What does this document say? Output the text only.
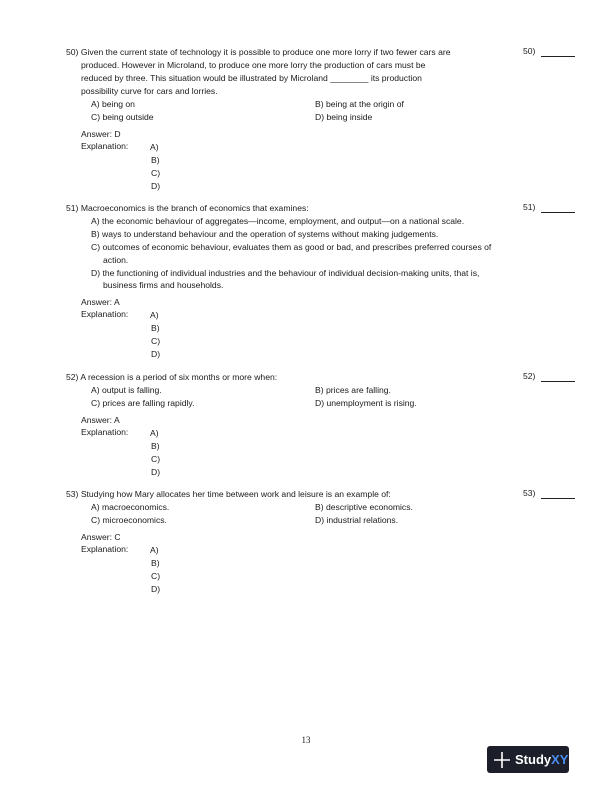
50) Given the current state of technology it is possible to produce one more lorry if two fewer cars are
produced. However in Microland, to produce one more lorry the production of cars must be
reduced by three. This situation would be illustrated by Microland ________ its production
possibility curve for cars and lorries.
50)
A) being on	B) being at the origin of
C) being outside	D) being inside
Answer: D
Explanation:	A)
B)
C)
D)
51) Macroeconomics is the branch of economics that examines:	51)
A) the economic behaviour of aggregates—income, employment, and output—on a national scale.
B) ways to understand behaviour and the operation of systems without making judgements.
C) outcomes of economic behaviour, evaluates them as good or bad, and prescribes preferred courses of action.
D) the functioning of individual industries and the behaviour of individual decision-making units, that is, business firms and households.
Answer: A
Explanation:	A)
B)
C)
D)
52) A recession is a period of six months or more when:	52)
A) output is falling.	B) prices are falling.
C) prices are falling rapidly.	D) unemployment is rising.
Answer: A
Explanation:	A)
B)
C)
D)
53) Studying how Mary allocates her time between work and leisure is an example of:	53)
A) macroeconomics.	B) descriptive economics.
C) microeconomics.	D) industrial relations.
Answer: C
Explanation:	A)
B)
C)
D)
13
Study XY
